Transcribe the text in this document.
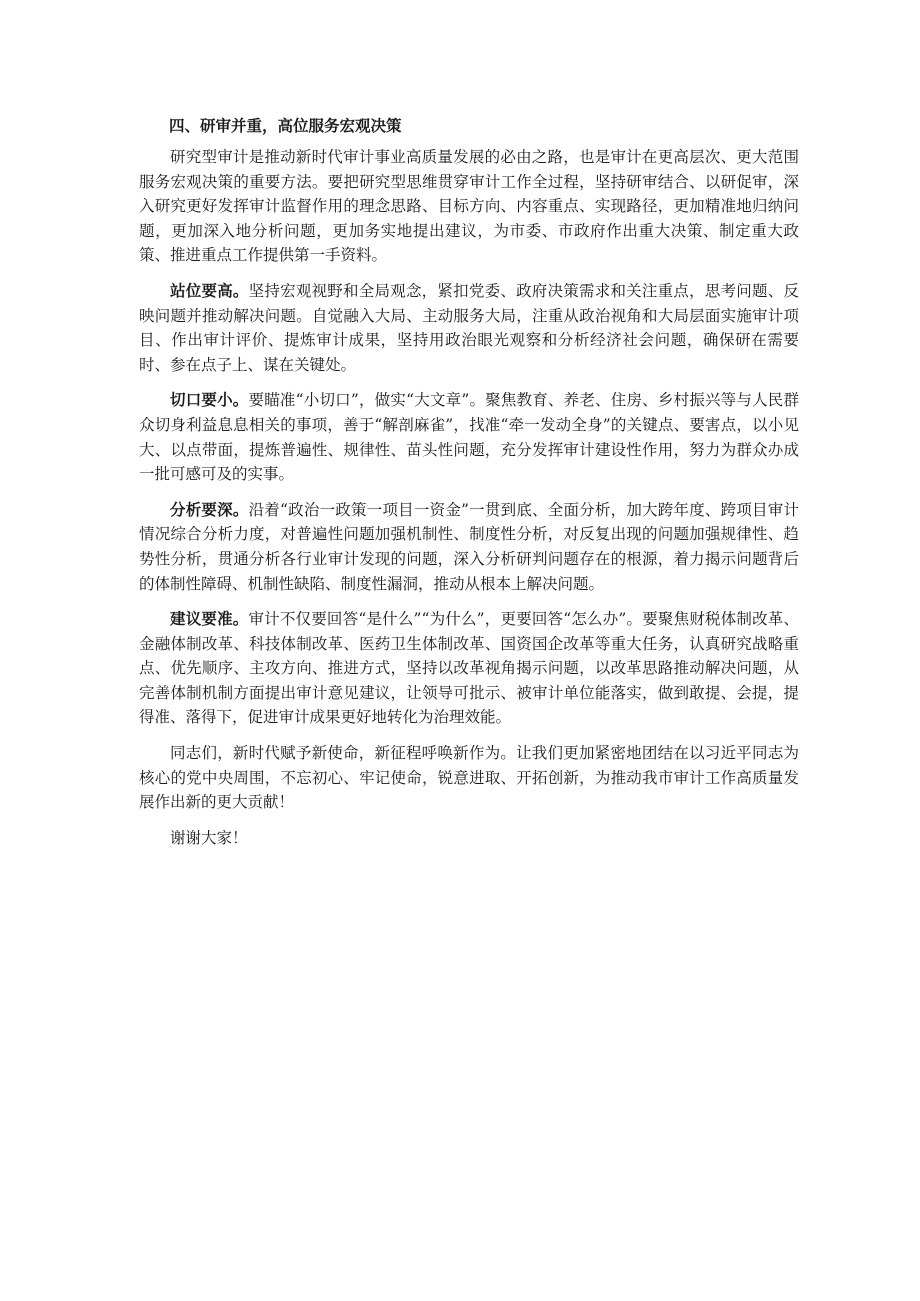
四、研审并重，高位服务宏观决策

研究型审计是推动新时代审计事业高质量发展的必由之路，也是审计在更高层次、更大范围服务宏观决策的重要方法。要把研究型思维贯穿审计工作全过程，坚持研审结合、以研促审，深入研究更好发挥审计监督作用的理念思路、目标方向、内容重点、实现路径，更加精准地归纳问题，更加深入地分析问题，更加务实地提出建议，为市委、市政府作出重大决策、制定重大政策、推进重点工作提供第一手资料。

站位要高。坚持宏观视野和全局观念，紧扣党委、政府决策需求和关注重点，思考问题、反映问题并推动解决问题。自觉融入大局、主动服务大局，注重从政治视角和大局层面实施审计项目、作出审计评价、提炼审计成果，坚持用政治眼光观察和分析经济社会问题，确保研在需要时、参在点子上、谋在关键处。

切口要小。要瞄准“小切口”，做实“大文章”。聚焦教育、养老、住房、乡村振兴等与人民群众切身利益息息相关的事项，善于“解剖麻雀”，找准“牵一发动全身”的关键点、要害点，以小见大、以点带面，提炼普遍性、规律性、苗头性问题，充分发挥审计建设性作用，努力为群众办成一批可感可及的实事。

分析要深。沿着“政治一政策一项目一资金”一贯到底、全面分析，加大跨年度、跨项目审计情况综合分析力度，对普遍性问题加强机制性、制度性分析，对反复出现的问题加强规律性、趋势性分析，贯通分析各行业审计发现的问题，深入分析研判问题存在的根源，着力揭示问题背后的体制性障碍、机制性缺陷、制度性漏洞，推动从根本上解决问题。

建议要准。审计不仅要回答“是什么”“为什么”，更要回答“怎么办”。要聚焦财税体制改革、金融体制改革、科技体制改革、医药卫生体制改革、国资国企改革等重大任务，认真研究战略重点、优先顺序、主攻方向、推进方式，坚持以改革视角揭示问题，以改革思路推动解决问题，从完善体制机制方面提出审计意见建议，让领导可批示、被审计单位能落实，做到敢提、会提，提得准、落得下，促进审计成果更好地转化为治理效能。

同志们，新时代赋予新使命，新征程呼唤新作为。让我们更加紧密地团结在以习近平同志为核心的党中央周围，不忘初心、牢记使命，锐意进取、开拓创新，为推动我市审计工作高质量发展作出新的更大贡献！

谢谢大家！
